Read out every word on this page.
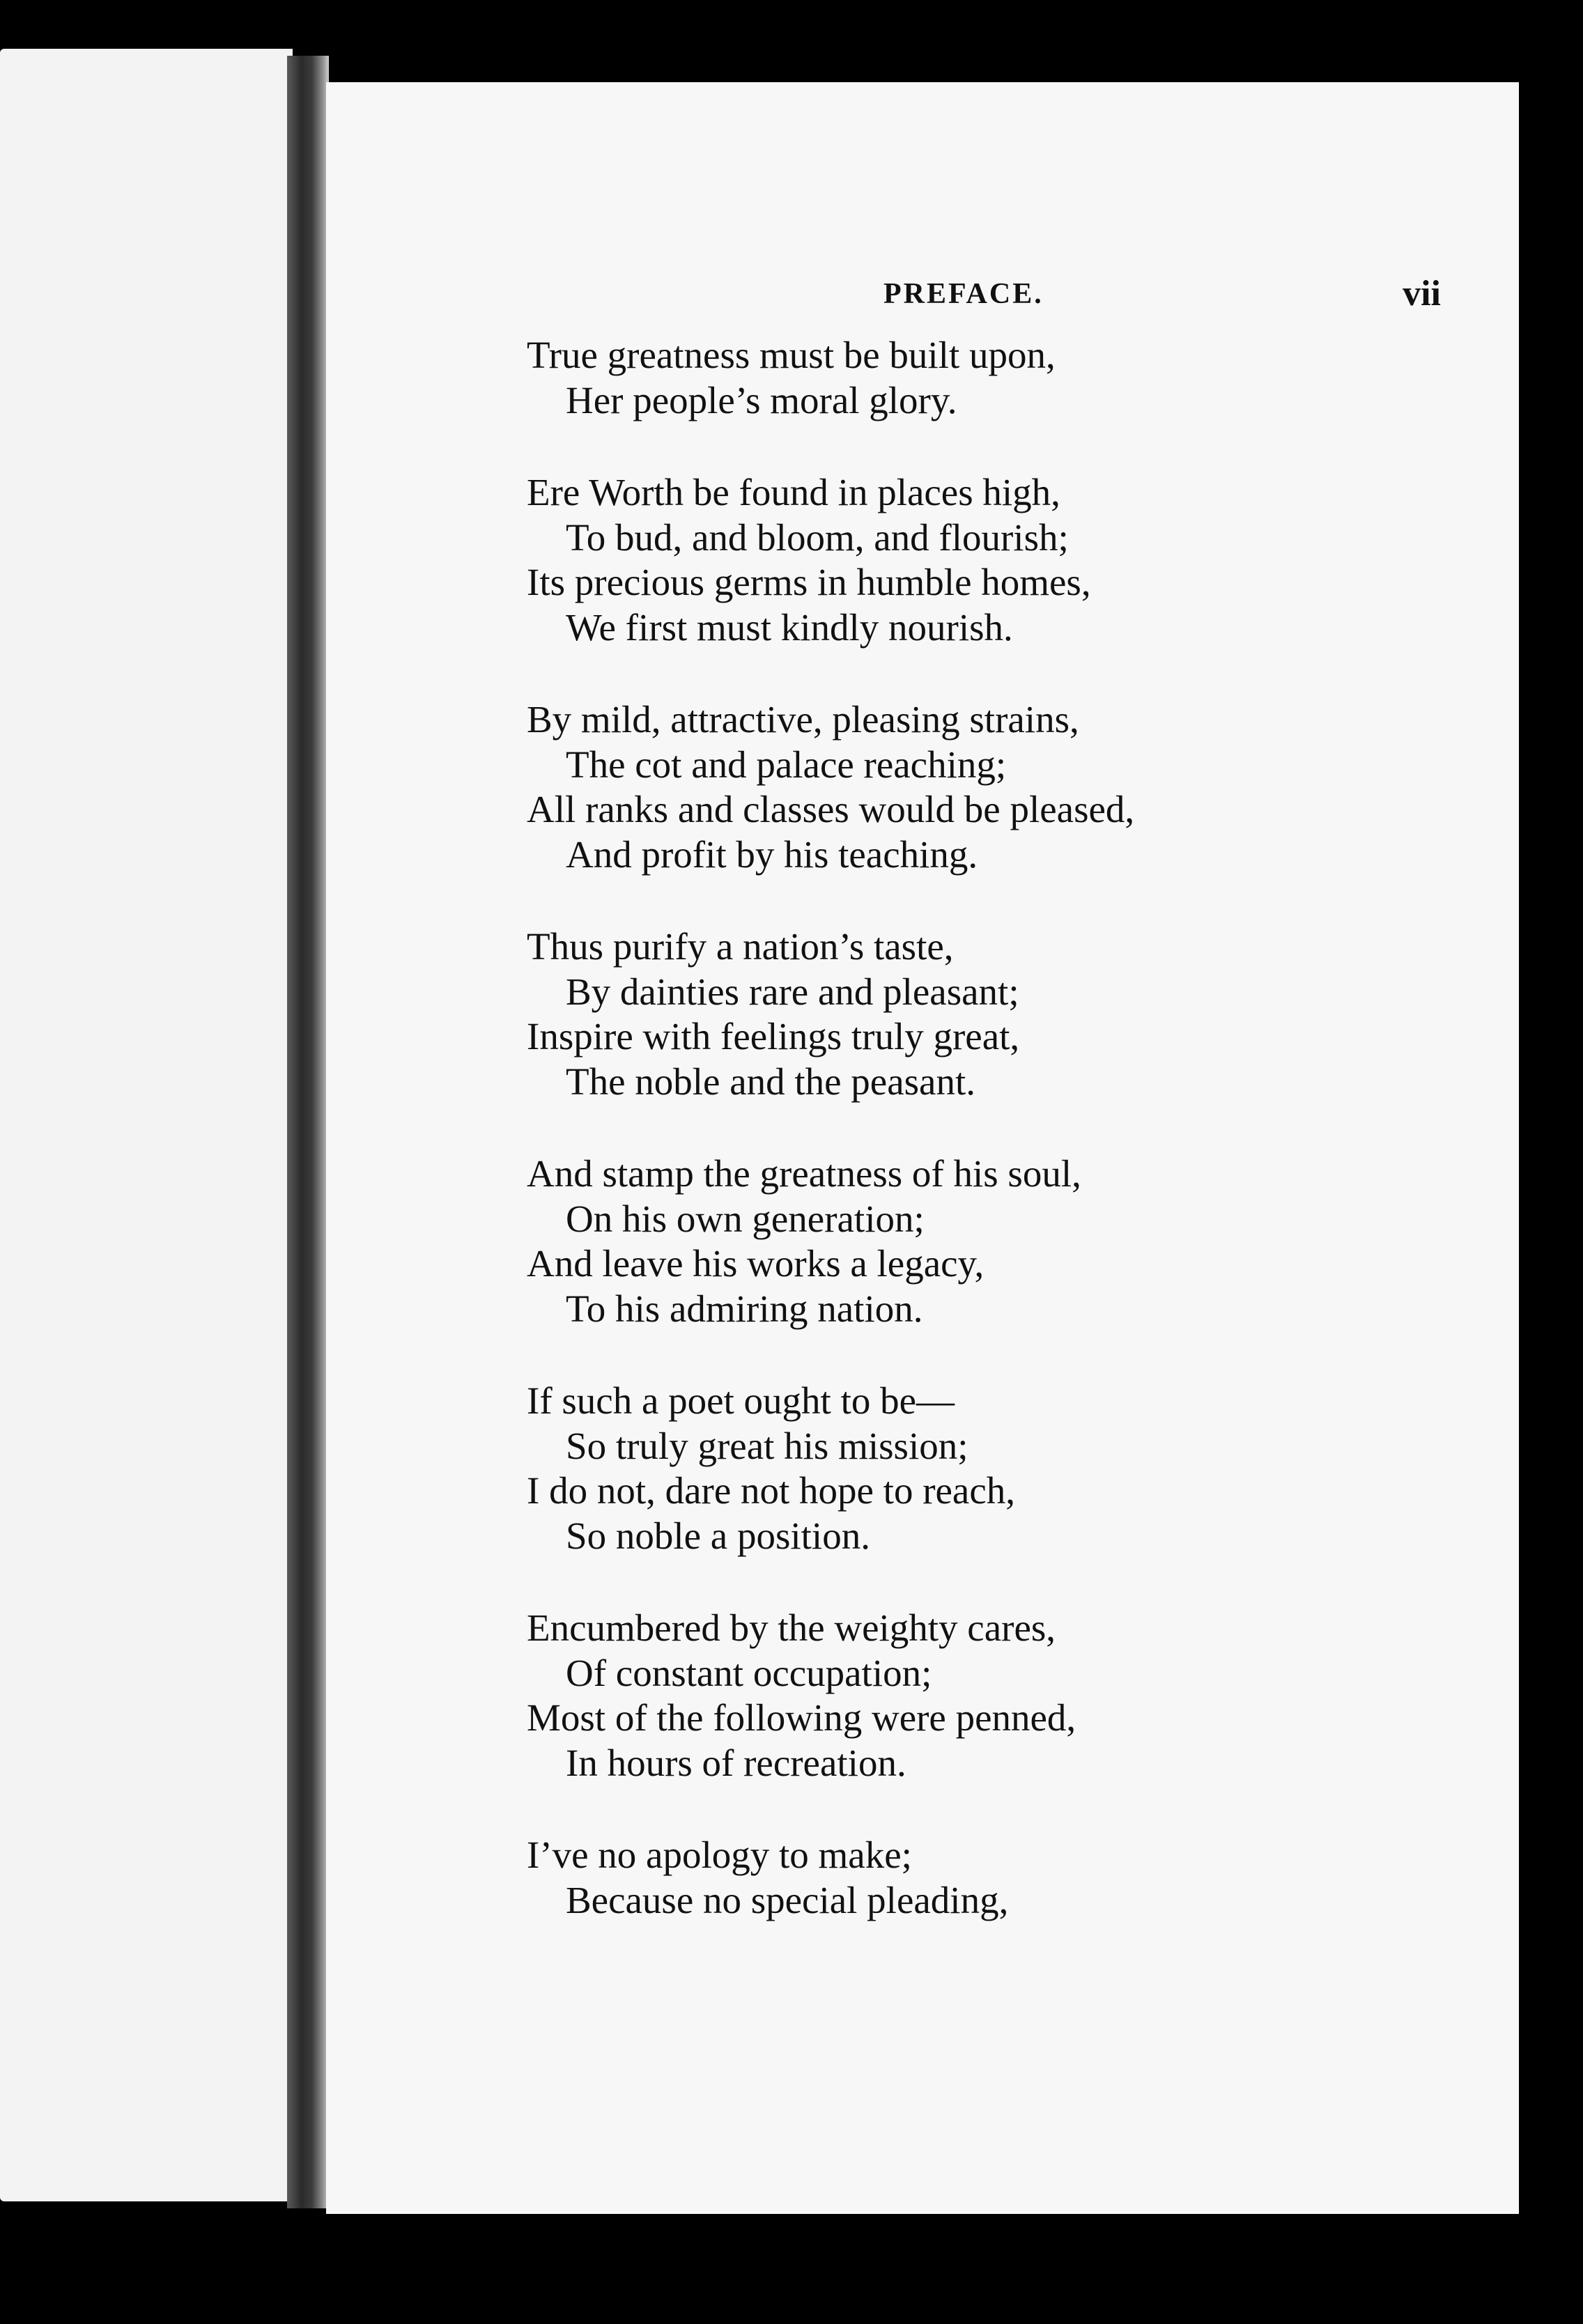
PREFACE.	vii
True greatness must be built upon,
Her people’s moral glory.
Ere Worth be found in places high,
To bud, and bloom, and flourish;
Its precious germs in humble homes,
We first must kindly nourish.
By mild, attractive, pleasing strains,
The cot and palace reaching;
All ranks and classes would be pleased,
And profit by his teaching.
Thus purify a nation’s taste,
By dainties rare and pleasant;
Inspire with feelings truly great,
The noble and the peasant.
And stamp the greatness of his soul,
On his own generation;
And leave his works a legacy,
To his admiring nation.
If such a poet ought to be—
So truly great his mission;
I do not, dare not hope to reach,
So noble a position.
Encumbered by the weighty cares,
Of constant occupation;
Most of the following were penned,
In hours of recreation.
I’ve no apology to make;
Because no special pleading,
